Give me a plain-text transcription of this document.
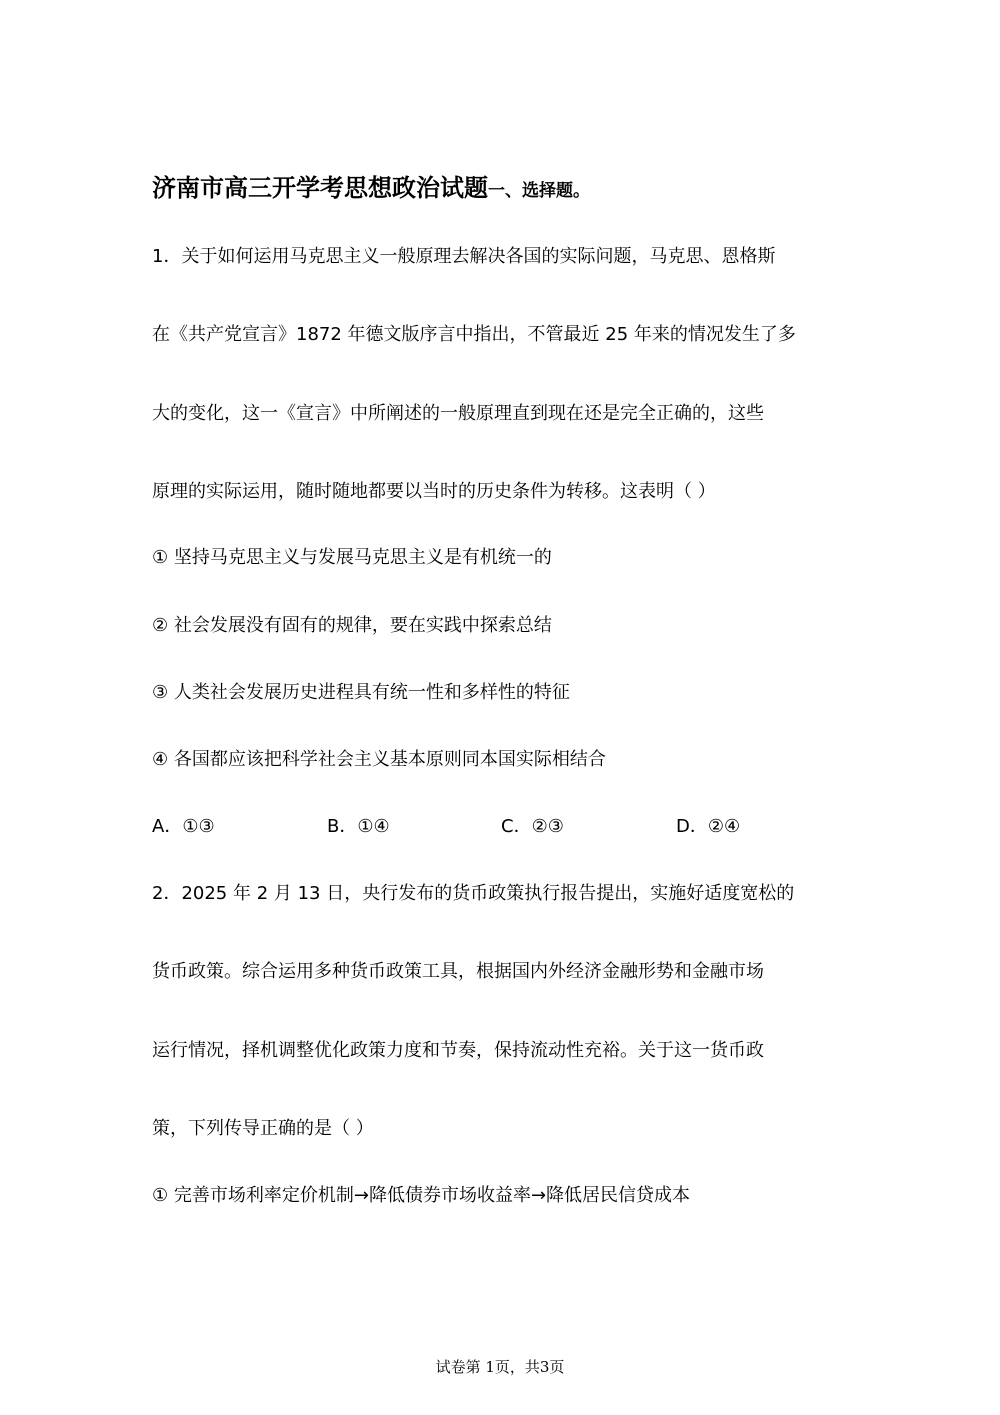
济南市高三开学考思想政治试题一、选择题。
1．关于如何运用马克思主义一般原理去解决各国的实际问题，马克思、恩格斯
在《共产党宣言》1872 年德文版序言中指出，不管最近 25 年来的情况发生了多
大的变化，这一《宣言》中所阐述的一般原理直到现在还是完全正确的，这些
原理的实际运用，随时随地都要以当时的历史条件为转移。这表明（ ）
① 坚持马克思主义与发展马克思主义是有机统一的
② 社会发展没有固有的规律，要在实践中探索总结
③ 人类社会发展历史进程具有统一性和多样性的特征
④ 各国都应该把科学社会主义基本原则同本国实际相结合
A．①③	B．①④	C．②③	D．②④
2．2025 年 2 月 13 日，央行发布的货币政策执行报告提出，实施好适度宽松的
货币政策。综合运用多种货币政策工具，根据国内外经济金融形势和金融市场
运行情况，择机调整优化政策力度和节奏，保持流动性充裕。关于这一货币政
策，下列传导正确的是（ ）
① 完善市场利率定价机制→降低债券市场收益率→降低居民信贷成本
试卷第 1页，共3页
